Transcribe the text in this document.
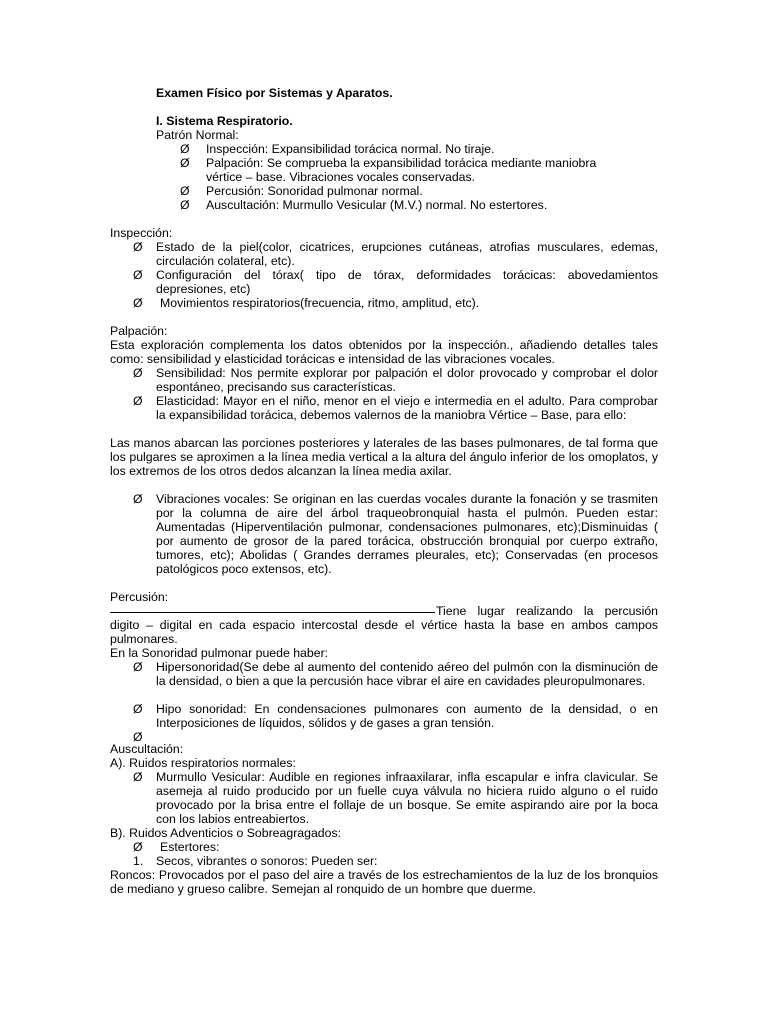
Examen Físico por Sistemas y Aparatos.
I. Sistema Respiratorio.
Patrón Normal:
Ø	Inspección: Expansibilidad torácica normal. No tiraje.
Ø	Palpación: Se comprueba la expansibilidad torácica mediante maniobra vértice – base. Vibraciones vocales conservadas.
Ø	Percusión: Sonoridad pulmonar normal.
Ø	Auscultación: Murmullo Vesicular (M.V.) normal. No estertores.
Inspección:
Ø	Estado de la piel(color, cicatrices, erupciones cutáneas, atrofias musculares, edemas, circulación colateral, etc).
Ø	Configuración del tórax( tipo de tórax, deformidades torácicas: abovedamientos depresiones, etc)
Ø	Movimientos respiratorios(frecuencia, ritmo, amplitud, etc).
Palpación:
Esta exploración complementa los datos obtenidos por la inspección., añadiendo detalles tales como: sensibilidad y elasticidad torácicas e intensidad de las vibraciones vocales.
Ø	Sensibilidad: Nos permite explorar por palpación el dolor provocado y comprobar el dolor espontáneo, precisando sus características.
Ø	Elasticidad: Mayor en el niño, menor en el viejo e intermedia en el adulto. Para comprobar la expansibilidad torácica, debemos valernos de la maniobra Vértice – Base, para ello:
Las manos abarcan las porciones posteriores y laterales de las bases pulmonares, de tal forma que los pulgares se aproximen a la línea media vertical a la altura del ángulo inferior de los omoplatos, y los extremos de los otros dedos alcanzan la línea media axilar.
Ø	Vibraciones vocales: Se originan en las cuerdas vocales durante la fonación y se trasmiten por la columna de aire del árbol traqueobronquial hasta el pulmón. Pueden estar: Aumentadas (Hiperventilación pulmonar, condensaciones pulmonares, etc);Disminuidas ( por aumento de grosor de la pared torácica, obstrucción bronquial por cuerpo extraño, tumores, etc); Abolidas ( Grandes derrames pleurales, etc); Conservadas (en procesos patológicos poco extensos, etc).
Percusión:
Tiene lugar realizando la percusión
digito – digital en cada espacio intercostal desde el vértice hasta la base en ambos campos pulmonares.
En la Sonoridad pulmonar puede haber:
Ø	Hipersonoridad(Se debe al aumento del contenido aéreo del pulmón con la disminución de la densidad, o bien a que la percusión hace vibrar el aire en cavidades pleuropulmonares.
Ø	Hipo sonoridad: En condensaciones pulmonares con aumento de la densidad, o en Interposiciones de líquidos, sólidos y de gases a gran tensión.
Ø
Auscultación:
A). Ruidos respiratorios normales:
Ø	Murmullo Vesicular: Audible en regiones infraaxilarar, infla escapular e infra clavicular. Se asemeja al ruido producido por un fuelle cuya válvula no hiciera ruido alguno o el ruido provocado por la brisa entre el follaje de un bosque. Se emite aspirando aire por la boca con los labios entreabiertos.
B). Ruidos Adventicios o Sobreagragados:
Ø	Estertores:
1.	Secos, vibrantes o sonoros: Pueden ser:
Roncos: Provocados por el paso del aire a través de los estrechamientos de la luz de los bronquios de mediano y grueso calibre. Semejan al ronquido de un hombre que duerme.
